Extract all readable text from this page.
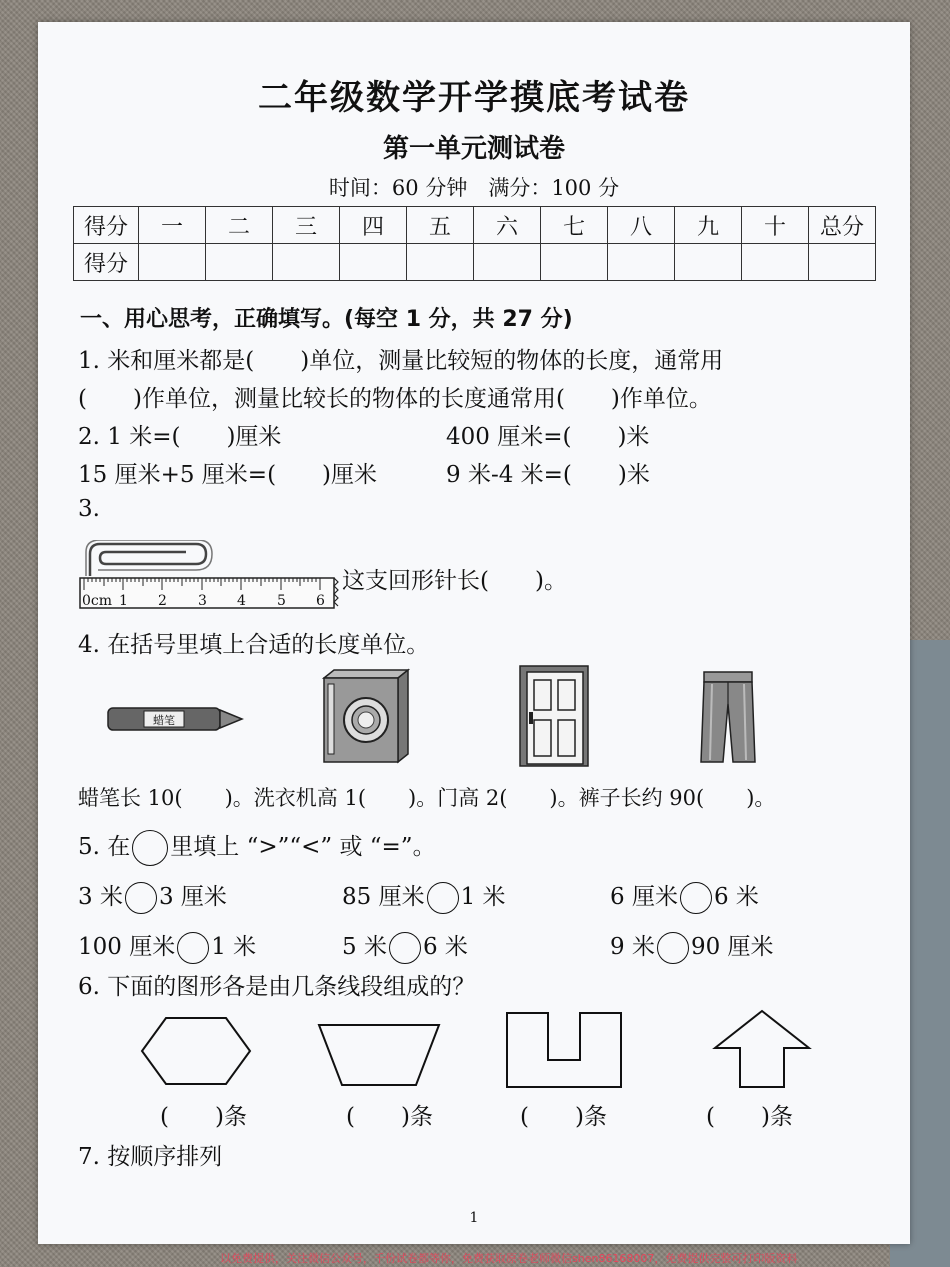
二年级数学开学摸底考试卷
第一单元测试卷
时间：60 分钟　满分：100 分
得分	一	二	三	四	五	六	七	八	九	十	总分
得分											
一、用心思考，正确填写。(每空 1 分，共 27 分)
1. 米和厘米都是(　　)单位，测量比较短的物体的长度，通常用
(　　)作单位，测量比较长的物体的长度通常用(　　)作单位。
2. 1 米=(　　)厘米	400 厘米=(　　)米
15 厘米+5 厘米=(　　)厘米	9 米-4 米=(　　)米
3.
0cm 1 2 3 4 5 6
这支回形针长(　　)。
4. 在括号里填上合适的长度单位。
蜡笔
蜡笔长 10(　　)。洗衣机高 1(　　)。门高 2(　　)。裤子长约 90(　　)。
5. 在 里填上 “>”“<” 或 “=”。
3 米 3 厘米	85 厘米 1 米	6 厘米 6 米
100 厘米 1 米	5 米 6 米	9 米 90 厘米
6. 下面的图形各是由几条线段组成的？
(　　)条	(　　)条	(　　)条	(　　)条
7. 按顺序排列
1
以免费提供，关注微信公众号，千份试卷都等你，免费获取原卷老师微信shen86168007，免费提供完整可打印版资料
